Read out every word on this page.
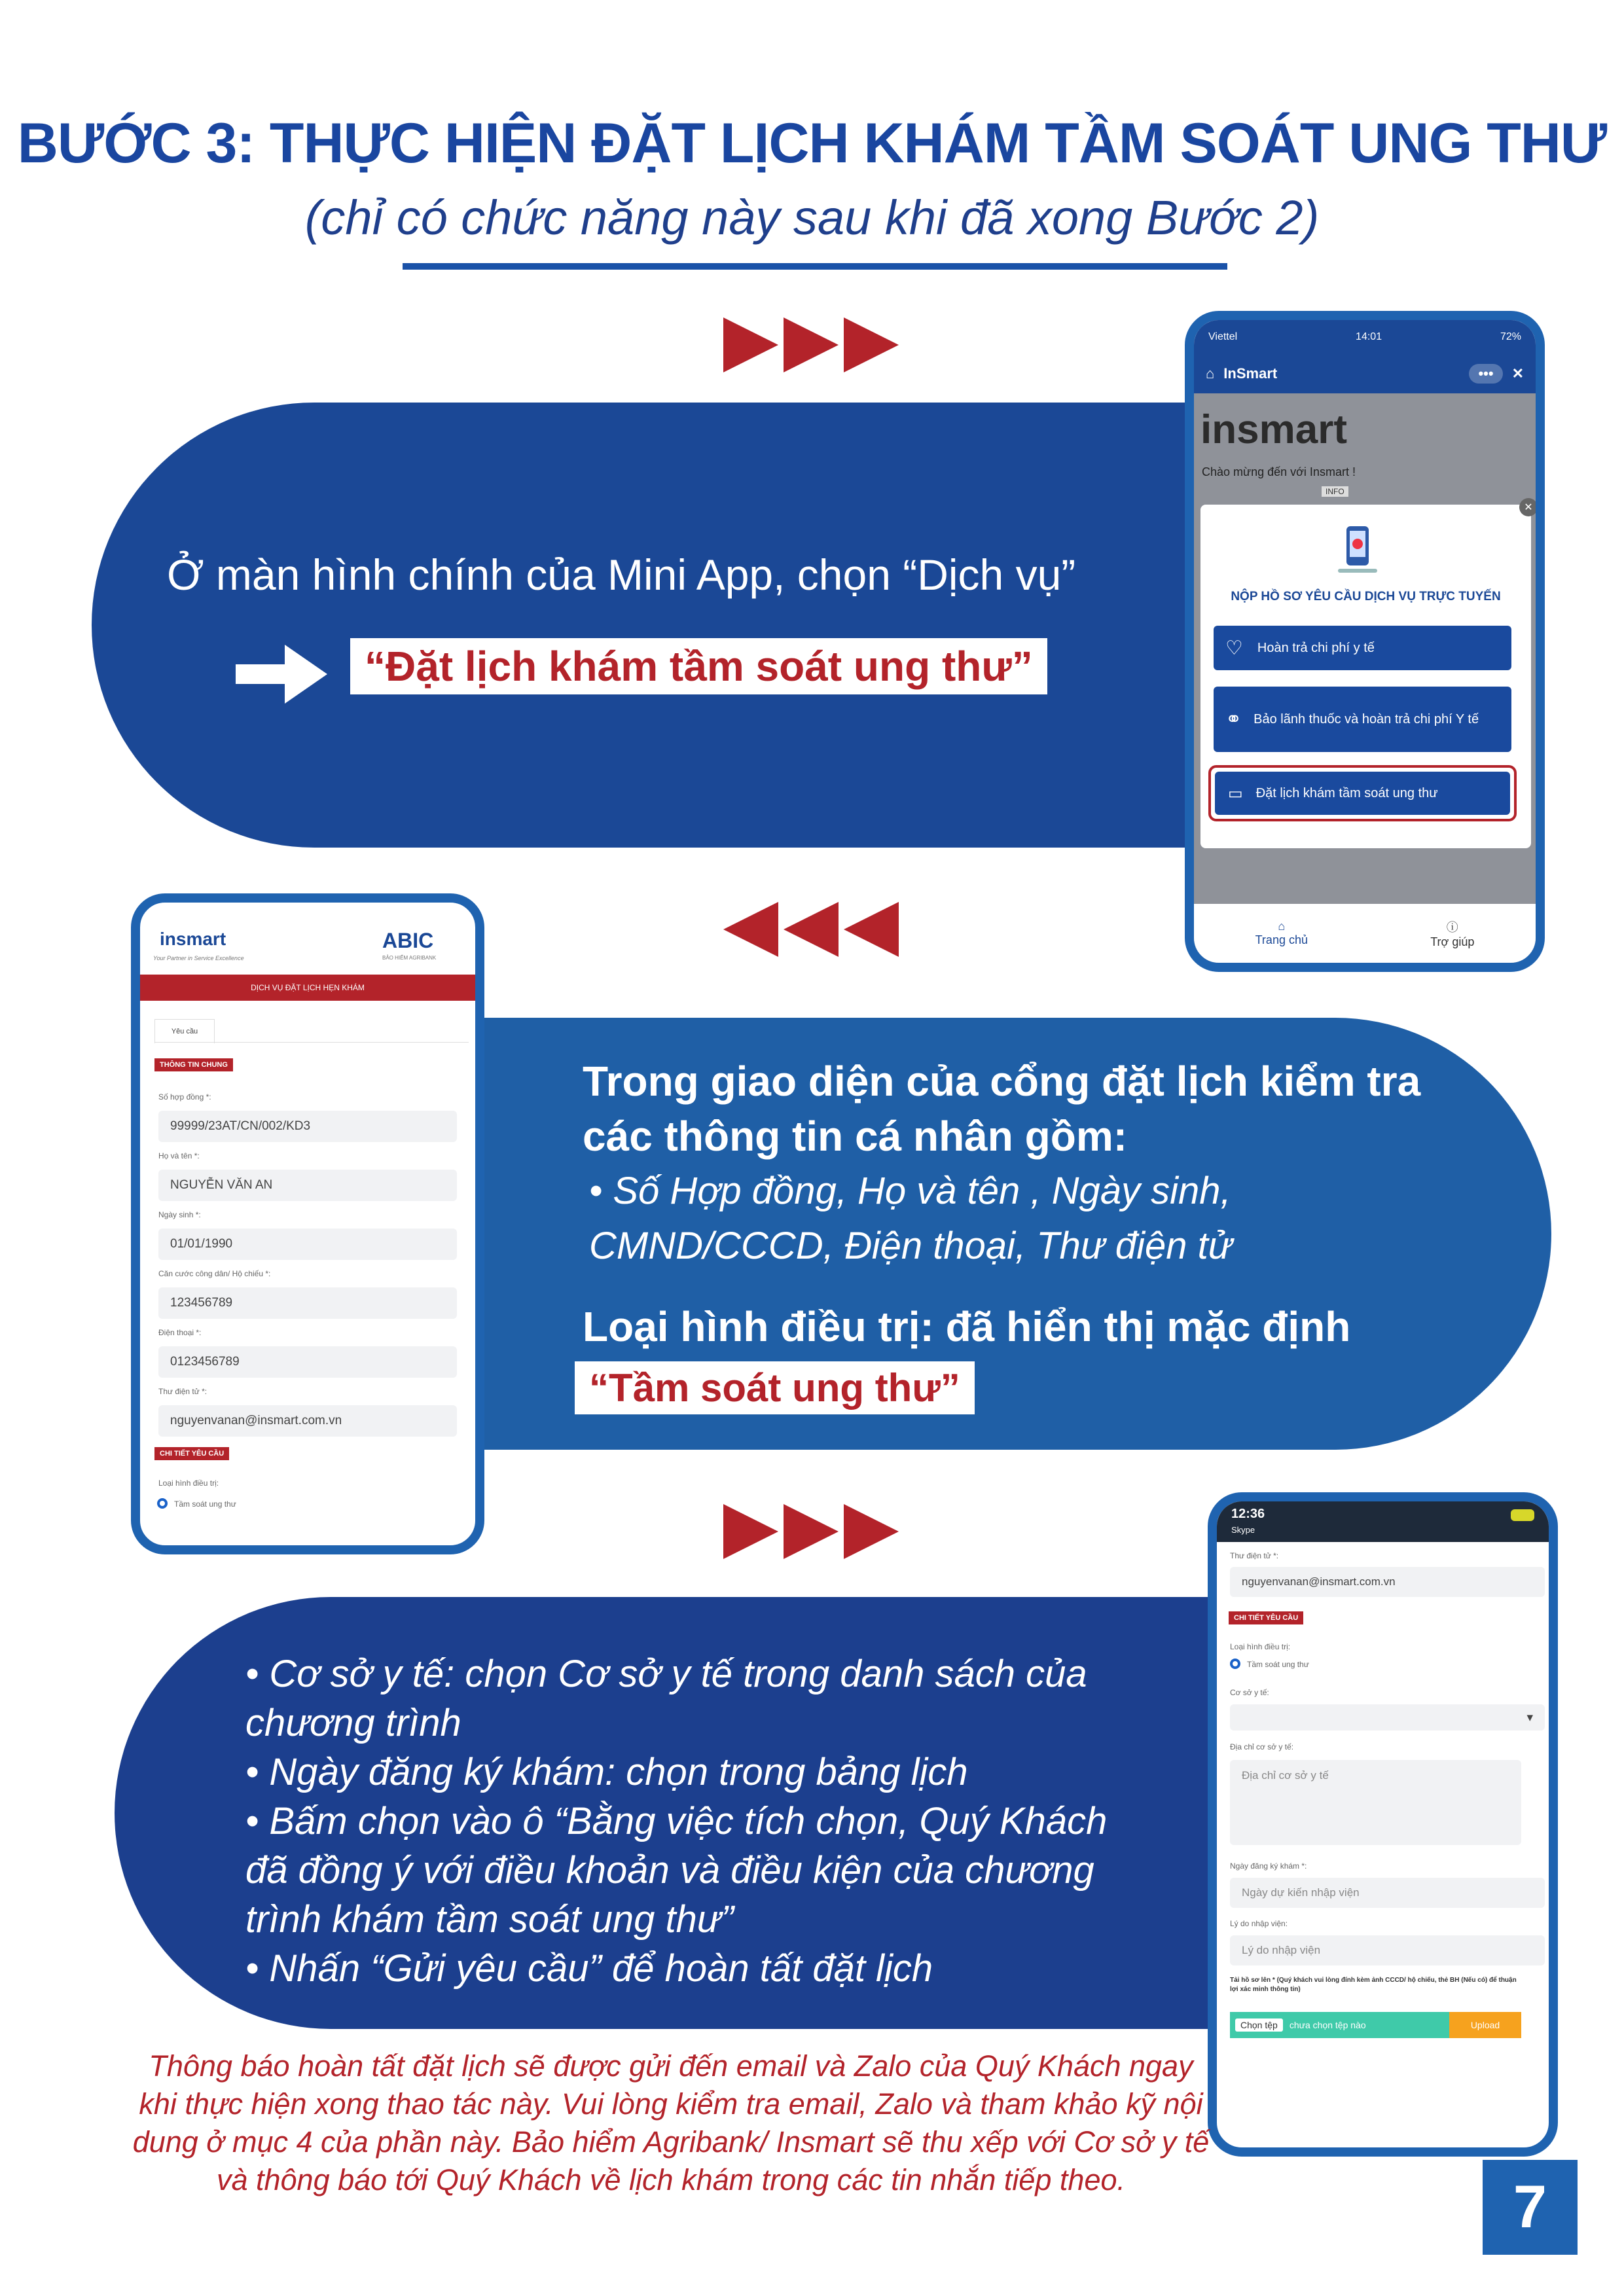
BƯỚC 3: THỰC HIỆN ĐẶT LỊCH KHÁM TẦM SOÁT UNG THƯ
(chỉ có chức năng này sau khi đã xong Bước 2)
Ở màn hình chính của Mini App, chọn “Dịch vụ”
“Đặt lịch khám tầm soát ung thư”
Viettel	14:01	72%
⌂ InSmart	•••	✕
insmart
Chào mừng đến với Insmart !
INFO
✕
NỘP HỒ SƠ YÊU CẦU DỊCH VỤ TRỰC TUYẾN
♡ Hoàn trả chi phí y tế
⚭ Bảo lãnh thuốc và hoàn trả chi phí Y tế
▭ Đặt lịch khám tầm soát ung thư
⌂
Trang chủ
ⓘ
Trợ giúp
Trong giao diện của cổng đặt lịch kiểm tra các thông tin cá nhân gồm:
• Số Hợp đồng, Họ và tên , Ngày sinh, CMND/CCCD, Điện thoại, Thư điện tử
Loại hình điều trị: đã hiển thị mặc định
“Tầm soát ung thư”
insmart
Your Partner in Service Excellence
ABIC
BẢO HIỂM AGRIBANK
DỊCH VỤ ĐẶT LỊCH HẸN KHÁM
Yêu cầu
THÔNG TIN CHUNG
Số hợp đồng *:
99999/23AT/CN/002/KD3
Họ và tên *:
NGUYỄN VĂN AN
Ngày sinh *:
01/01/1990
Căn cước công dân/ Hộ chiếu *:
123456789
Điện thoại *:
0123456789
Thư điện tử *:
nguyenvanan@insmart.com.vn
CHI TIẾT YÊU CẦU
Loại hình điều trị:
Tầm soát ung thư
• Cơ sở y tế: chọn Cơ sở y tế trong danh sách của
chương trình
• Ngày đăng ký khám: chọn trong bảng lịch
• Bấm chọn vào ô “Bằng việc tích chọn, Quý Khách
đã đồng ý với điều khoản và điều kiện của chương
trình khám tầm soát ung thư”
• Nhấn “Gửi yêu cầu” để hoàn tất đặt lịch
12:36
Skype
Thư điện tử *:
nguyenvanan@insmart.com.vn
CHI TIẾT YÊU CẦU
Loại hình điều trị:
Tầm soát ung thư
Cơ sở y tế:
▾
Địa chỉ cơ sở y tế:
Địa chỉ cơ sở y tế
Ngày đăng ký khám *:
Ngày dự kiến nhập viện
Lý do nhập viện:
Lý do nhập viện
Tải hồ sơ lên * (Quý khách vui lòng đính kèm ảnh CCCD/ hộ chiếu, thẻ BH (Nếu có) để thuận lợi xác minh thông tin)
Chọn tệp	chưa chọn tệp nào	Upload
Thông báo hoàn tất đặt lịch sẽ được gửi đến email và Zalo của Quý Khách ngay khi thực hiện xong thao tác này. Vui lòng kiểm tra email, Zalo và tham khảo kỹ nội dung ở mục 4 của phần này. Bảo hiểm Agribank/ Insmart sẽ thu xếp với Cơ sở y tế và thông báo tới Quý Khách về lịch khám trong các tin nhắn tiếp theo.	7
